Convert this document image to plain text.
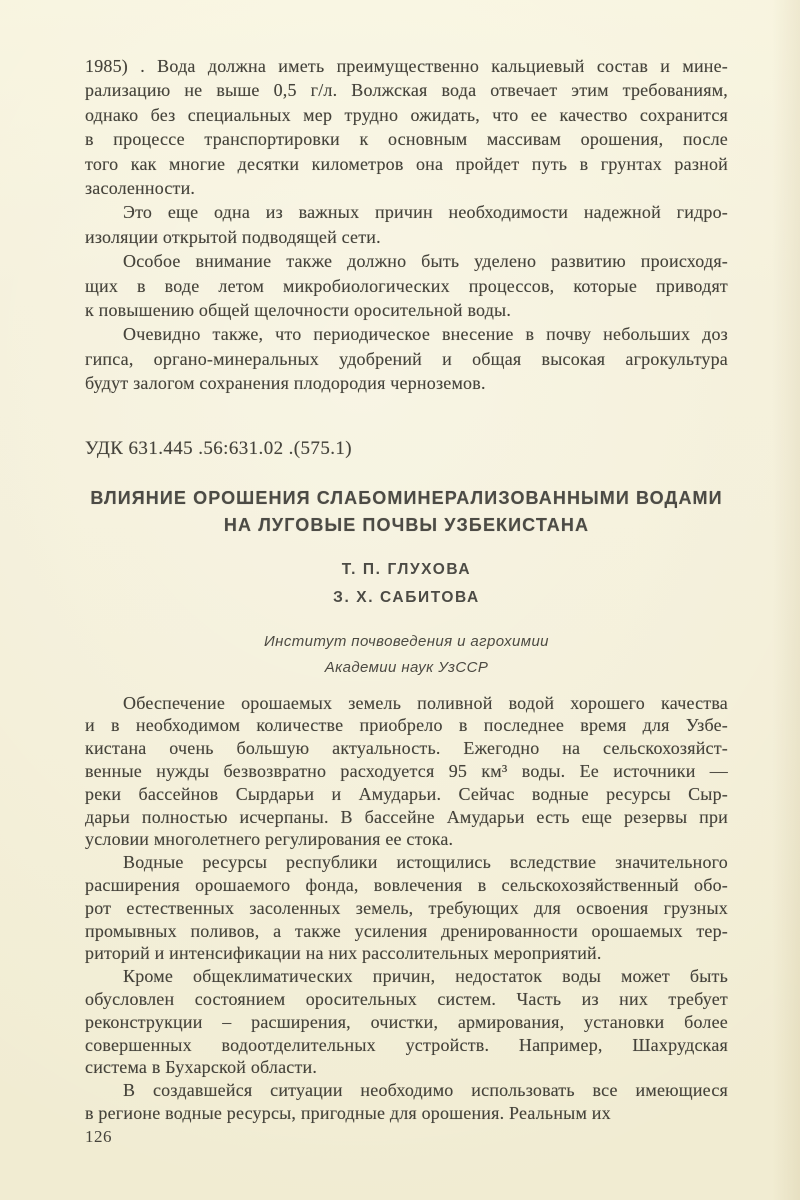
1985) . Вода должна иметь преимущественно кальциевый состав и мине-
рализацию не выше 0,5 г/л. Волжская вода отвечает этим требованиям,
однако без специальных мер трудно ожидать, что ее качество сохранится
в процессе транспортировки к основным массивам орошения, после
того как многие десятки километров она пройдет путь в грунтах разной
засоленности.
Это еще одна из важных причин необходимости надежной гидро-
изоляции открытой подводящей сети.
Особое внимание также должно быть уделено развитию происходя-
щих в воде летом микробиологических процессов, которые приводят
к повышению общей щелочности оросительной воды.
Очевидно также, что периодическое внесение в почву небольших доз
гипса, органо-минеральных удобрений и общая высокая агрокультура
будут залогом сохранения плодородия черноземов.
УДК 631.445 .56:631.02 .(575.1)
ВЛИЯНИЕ ОРОШЕНИЯ СЛАБОМИНЕРАЛИЗОВАННЫМИ ВОДАМИ
НА ЛУГОВЫЕ ПОЧВЫ УЗБЕКИСТАНА
Т. П. ГЛУХОВА
З. Х. САБИТОВА
Институт почвоведения и агрохимии
Академии наук УзССР
Обеспечение орошаемых земель поливной водой хорошего качества
и в необходимом количестве приобрело в последнее время для Узбе-
кистана очень большую актуальность. Ежегодно на сельскохозяйст-
венные нужды безвозвратно расходуется 95 км³ воды. Ее источники —
реки бассейнов Сырдарьи и Амударьи. Сейчас водные ресурсы Сыр-
дарьи полностью исчерпаны. В бассейне Амударьи есть еще резервы при
условии многолетнего регулирования ее стока.
Водные ресурсы республики истощились вследствие значительного
расширения орошаемого фонда, вовлечения в сельскохозяйственный обо-
рот естественных засоленных земель, требующих для освоения грузных
промывных поливов, а также усиления дренированности орошаемых тер-
риторий и интенсификации на них рассолительных мероприятий.
Кроме общеклиматических причин, недостаток воды может быть
обусловлен состоянием оросительных систем. Часть из них требует
реконструкции – расширения, очистки, армирования, установки более
совершенных водоотделительных устройств. Например, Шахрудская
система в Бухарской области.
В создавшейся ситуации необходимо использовать все имеющиеся
в регионе водные ресурсы, пригодные для орошения. Реальным их
126
